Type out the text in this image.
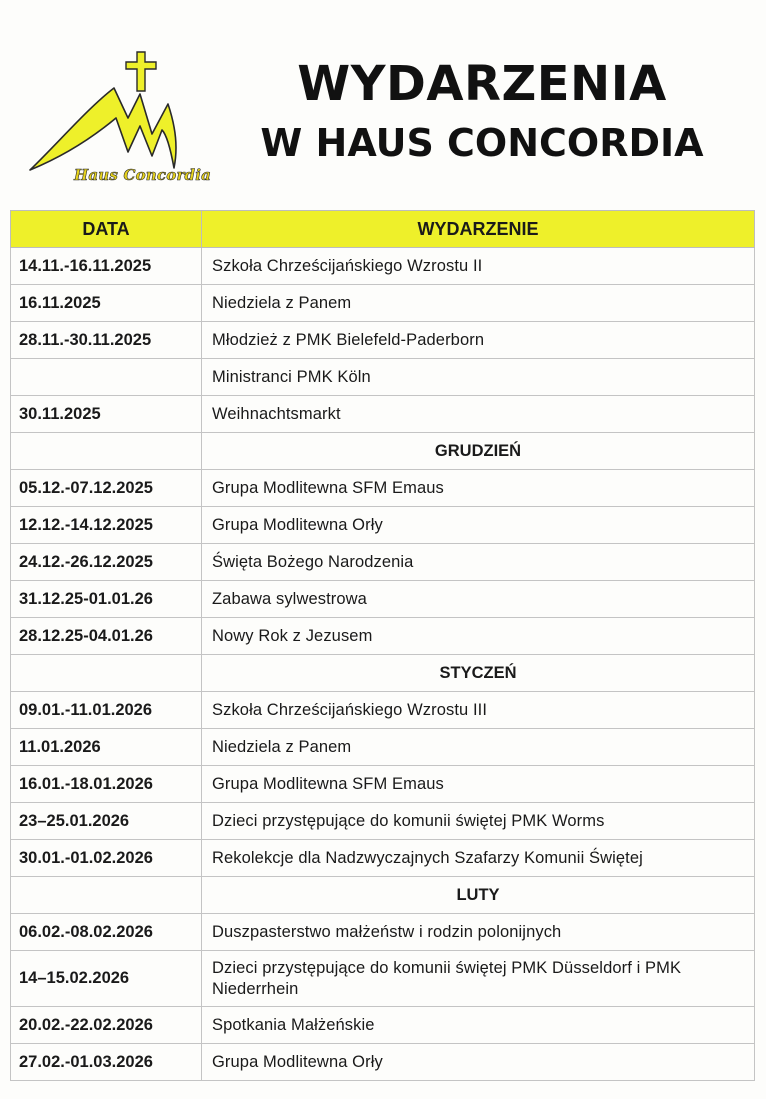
Haus Concordia
WYDARZENIA
W HAUS CONCORDIA
DATA	WYDARZENIE
14.11.-16.11.2025	Szkoła Chrześcijańskiego Wzrostu II
16.11.2025	Niedziela z Panem
28.11.-30.11.2025	Młodzież z PMK Bielefeld-Paderborn
	Ministranci PMK Köln
30.11.2025	Weihnachtsmarkt
	GRUDZIEŃ
05.12.-07.12.2025	Grupa Modlitewna SFM Emaus
12.12.-14.12.2025	Grupa Modlitewna Orły
24.12.-26.12.2025	Święta Bożego Narodzenia
31.12.25-01.01.26	Zabawa sylwestrowa
28.12.25-04.01.26	Nowy Rok z Jezusem
	STYCZEŃ
09.01.-11.01.2026	Szkoła Chrześcijańskiego Wzrostu III
11.01.2026	Niedziela z Panem
16.01.-18.01.2026	Grupa Modlitewna SFM Emaus
23–25.01.2026	Dzieci przystępujące do komunii świętej PMK Worms
30.01.-01.02.2026	Rekolekcje dla Nadzwyczajnych Szafarzy Komunii Świętej
	LUTY
06.02.-08.02.2026	Duszpasterstwo małżeństw i rodzin polonijnych
14–15.02.2026	Dzieci przystępujące do komunii świętej PMK Düsseldorf i PMK Niederrhein
20.02.-22.02.2026	Spotkania Małżeńskie
27.02.-01.03.2026	Grupa Modlitewna Orły
